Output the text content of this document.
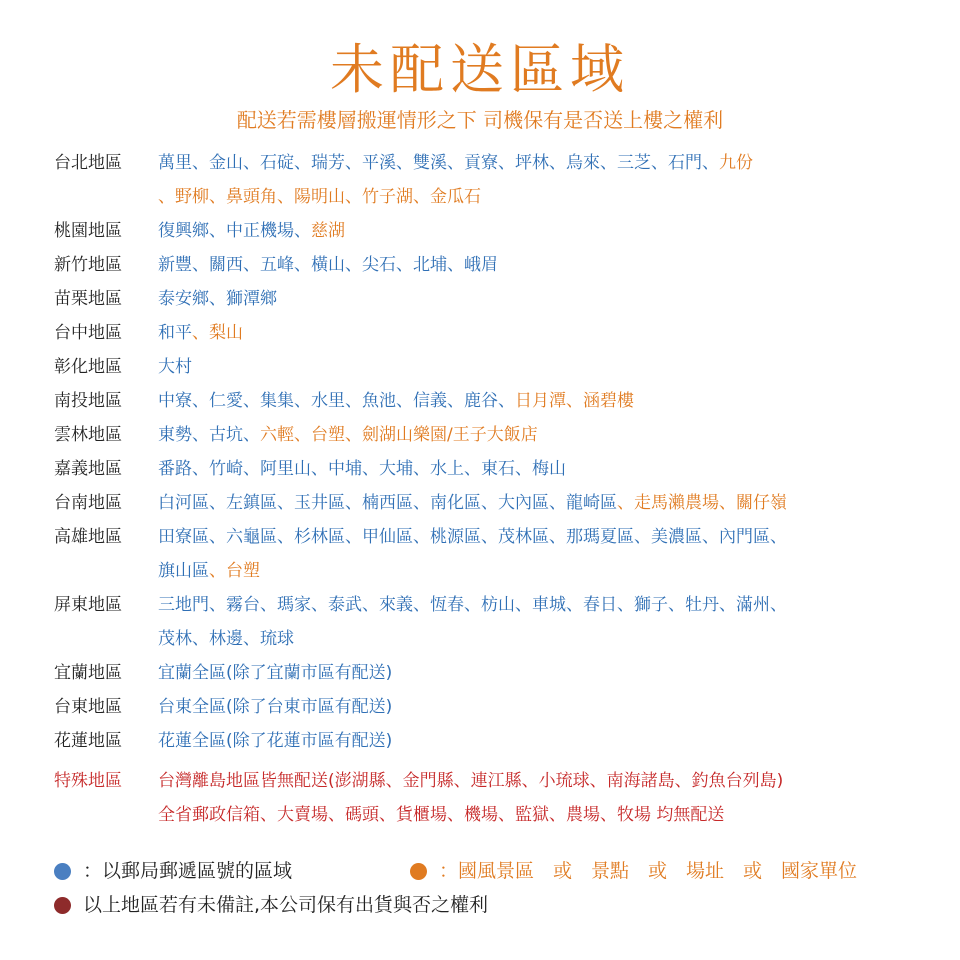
未配送區域
配送若需樓層搬運情形之下 司機保有是否送上樓之權利
台北地區	萬里、金山、石碇、瑞芳、平溪、雙溪、貢寮、坪林、烏來、三芝、石門、九份
、野柳、鼻頭角、陽明山、竹子湖、金瓜石
桃園地區	復興鄉、中正機場、慈湖
新竹地區	新豐、關西、五峰、橫山、尖石、北埔、峨眉
苗栗地區	泰安鄉、獅潭鄉
台中地區	和平、梨山
彰化地區	大村
南投地區	中寮、仁愛、集集、水里、魚池、信義、鹿谷、日月潭、涵碧樓
雲林地區	東勢、古坑、六輕、台塑、劍湖山樂園/王子大飯店
嘉義地區	番路、竹崎、阿里山、中埔、大埔、水上、東石、梅山
台南地區	白河區、左鎮區、玉井區、楠西區、南化區、大內區、龍崎區、走馬瀨農場、關仔嶺
高雄地區	田寮區、六龜區、杉林區、甲仙區、桃源區、茂林區、那瑪夏區、美濃區、內門區、
旗山區、台塑
屏東地區	三地門、霧台、瑪家、泰武、來義、恆春、枋山、車城、春日、獅子、牡丹、滿州、
茂林、林邊、琉球
宜蘭地區	宜蘭全區(除了宜蘭市區有配送)
台東地區	台東全區(除了台東市區有配送)
花蓮地區	花蓮全區(除了花蓮市區有配送)
特殊地區	台灣離島地區皆無配送(澎湖縣、金門縣、連江縣、小琉球、南海諸島、釣魚台列島)
全省郵政信箱、大賣場、碼頭、貨櫃場、機場、監獄、農場、牧場 均無配送
：以郵局郵遞區號的區域	：國風景區　或　景點　或　場址　或　國家單位
以上地區若有未備註,本公司保有出貨與否之權利
